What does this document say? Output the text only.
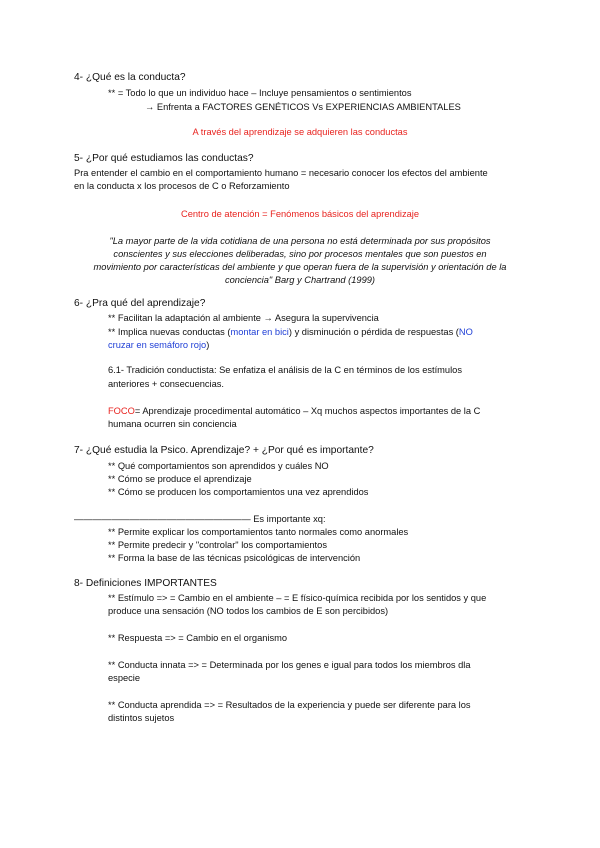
4- ¿Qué es la conducta?
** = Todo lo que un individuo hace – Incluye pensamientos o sentimientos
→ Enfrenta a FACTORES GENÉTICOS Vs EXPERIENCIAS AMBIENTALES
A través del aprendizaje se adquieren las conductas
5- ¿Por qué estudiamos las conductas?
Pra entender el cambio en el comportamiento humano = necesario conocer los efectos del ambiente
en la conducta x los procesos de C o Reforzamiento
Centro de atención = Fenómenos básicos del aprendizaje
"La mayor parte de la vida cotidiana de una persona no está determinada por sus propósitos
conscientes y sus elecciones deliberadas, sino por procesos mentales que son puestos en
movimiento por características del ambiente y que operan fuera de la supervisión y orientación de la
conciencia" Barg y Chartrand (1999)
6- ¿Pra qué del aprendizaje?
** Facilitan la adaptación al ambiente → Asegura la supervivencia
** Implica nuevas conductas (montar en bici) y disminución o pérdida de respuestas (NO
cruzar en semáforo rojo)
6.1- Tradición conductista: Se enfatiza el análisis de la C en términos de los estímulos
anteriores + consecuencias.
FOCO= Aprendizaje procedimental automático – Xq muchos aspectos importantes de la C
humana ocurren sin conciencia
7- ¿Qué estudia la Psico. Aprendizaje? + ¿Por qué es importante?
** Qué comportamientos son aprendidos y cuáles NO
** Cómo se produce el aprendizaje
** Cómo se producen los comportamientos una vez aprendidos
——————————————————— Es importante xq:
** Permite explicar los comportamientos tanto normales como anormales
** Permite predecir y "controlar" los comportamientos
** Forma la base de las técnicas psicológicas de intervención
8- Definiciones IMPORTANTES
** Estímulo => = Cambio en el ambiente – = E físico-química recibida por los sentidos y que
produce una sensación (NO todos los cambios de E son percibidos)
** Respuesta => = Cambio en el organismo
** Conducta innata => = Determinada por los genes e igual para todos los miembros dla
especie
** Conducta aprendida => = Resultados de la experiencia y puede ser diferente para los
distintos sujetos
